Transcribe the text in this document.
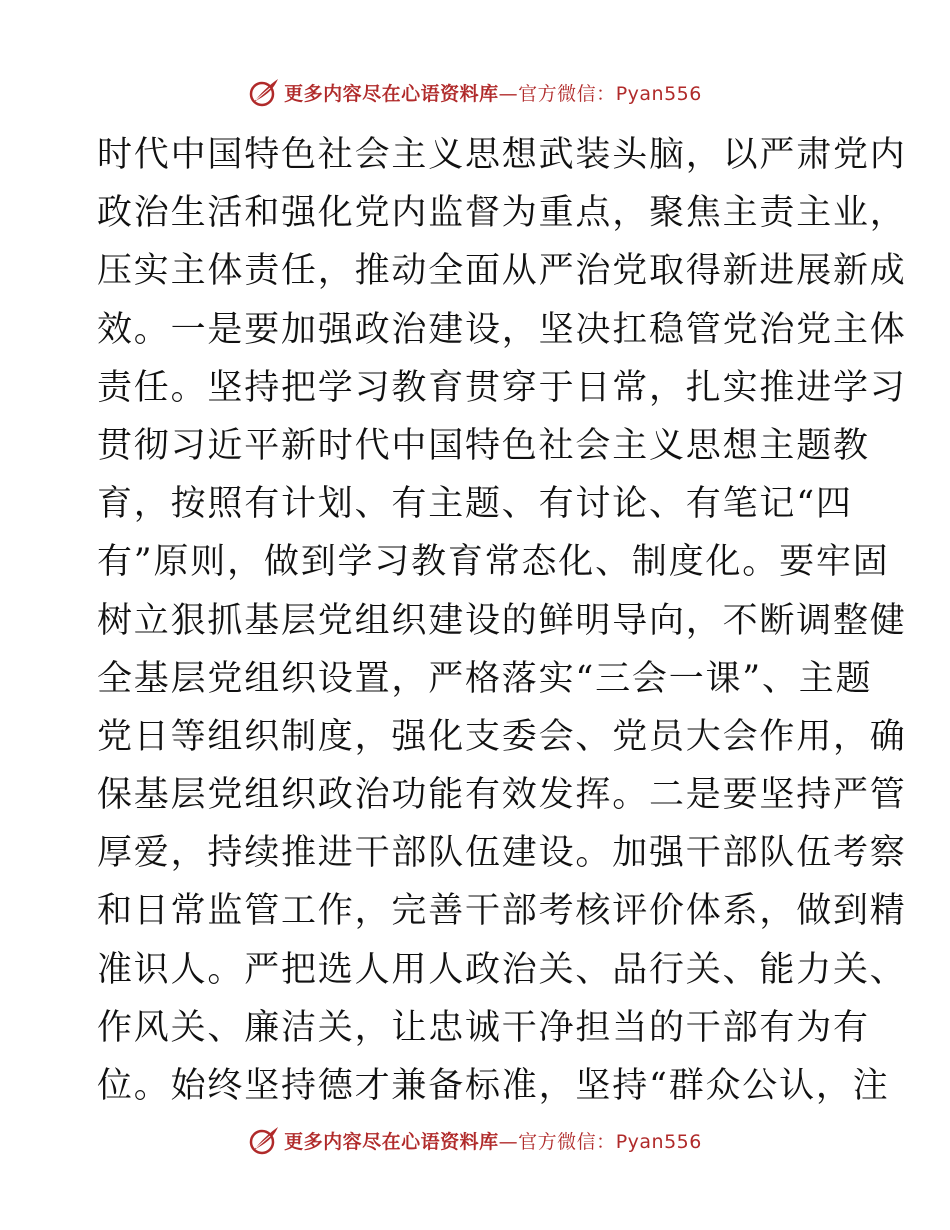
更多内容尽在心语资料库—官方微信：Pyan556
时代中国特色社会主义思想武装头脑，以严肃党内
政治生活和强化党内监督为重点，聚焦主责主业，
压实主体责任，推动全面从严治党取得新进展新成
效。一是要加强政治建设，坚决扛稳管党治党主体
责任。坚持把学习教育贯穿于日常，扎实推进学习
贯彻习近平新时代中国特色社会主义思想主题教
育，按照有计划、有主题、有讨论、有笔记“四
有”原则，做到学习教育常态化、制度化。要牢固
树立狠抓基层党组织建设的鲜明导向，不断调整健
全基层党组织设置，严格落实“三会一课”、主题
党日等组织制度，强化支委会、党员大会作用，确
保基层党组织政治功能有效发挥。二是要坚持严管
厚爱，持续推进干部队伍建设。加强干部队伍考察
和日常监管工作，完善干部考核评价体系，做到精
准识人。严把选人用人政治关、品行关、能力关、
作风关、廉洁关，让忠诚干净担当的干部有为有
位。始终坚持德才兼备标准，坚持“群众公认，注
更多内容尽在心语资料库—官方微信：Pyan556
